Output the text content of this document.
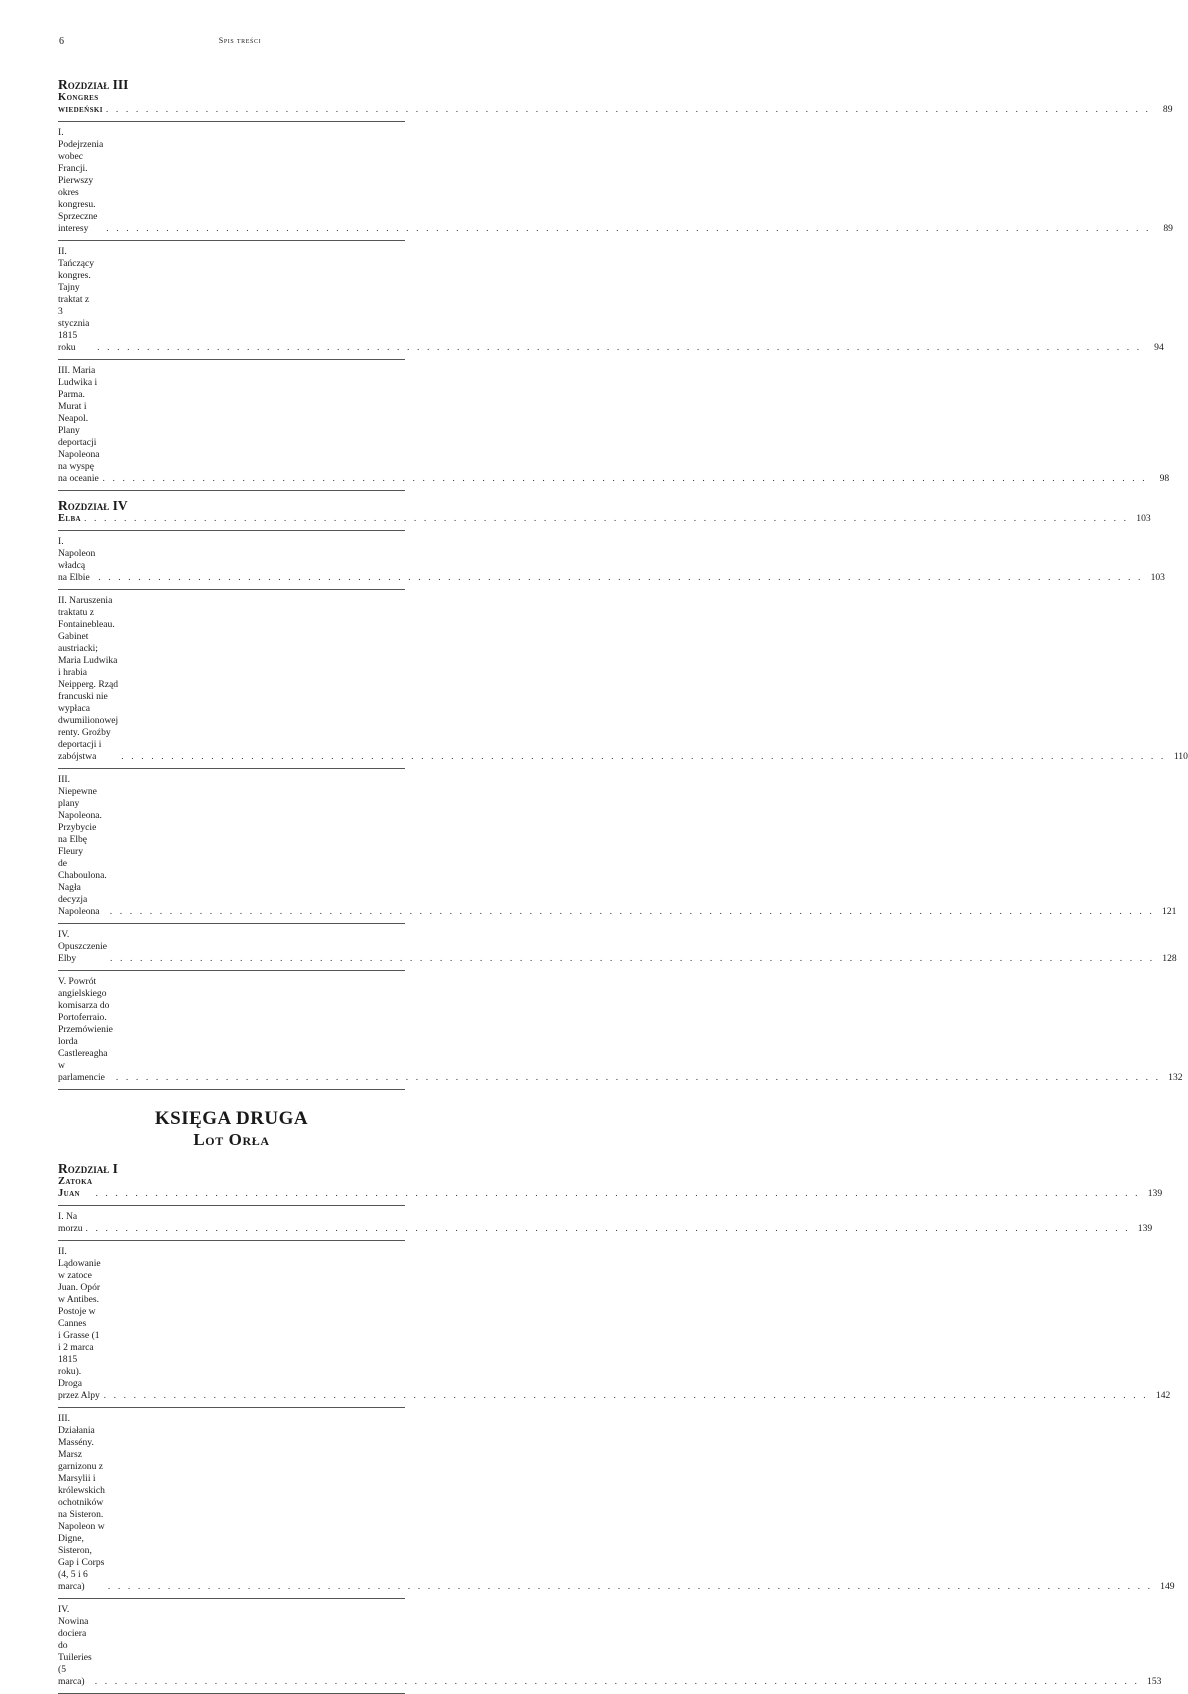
6	Spis treści
Rozdział III
Kongres wiedeński . . .	89
I. Podejrzenia wobec Francji. Pierwszy okres kongresu.
Sprzeczne interesy . . .	89
II. Tańczący kongres. Tajny traktat z 3 stycznia 1815 roku . . .	94
III. Maria Ludwika i Parma. Murat i Neapol.
Plany deportacji Napoleona na wyspę na oceanie . . .	98
Rozdział IV
Elba . . .	103
I. Napoleon władcą na Elbie . . .	103
II. Naruszenia traktatu z Fontainebleau. Gabinet austriacki;
Maria Ludwika i hrabia Neipperg. Rząd francuski nie wypłaca
dwumilionowej renty. Groźby deportacji i zabójstwa . . .	110
III. Niepewne plany Napoleona. Przybycie na Elbę Fleury
de Chaboulona. Nagła decyzja Napoleona . . .	121
IV. Opuszczenie Elby . . .	128
V. Powrót angielskiego komisarza do Portoferraio.
Przemówienie lorda Castlereagha w parlamencie . . .	132
KSIĘGA DRUGA
Lot Orła
Rozdział I
Zatoka Juan . . .	139
I. Na morzu . . .	139
II. Lądowanie w zatoce Juan. Opór w Antibes. Postoje w Cannes
i Grasse (1 i 2 marca 1815 roku). Droga przez Alpy . . .	142
III. Działania Massény. Marsz garnizonu z Marsylii i królewskich
ochotników na Sisteron. Napoleon w Digne, Sisteron, Gap i Corps
(4, 5 i 6 marca) . . .	149
IV. Nowina dociera do Tuileries (5 marca) . . .	153
